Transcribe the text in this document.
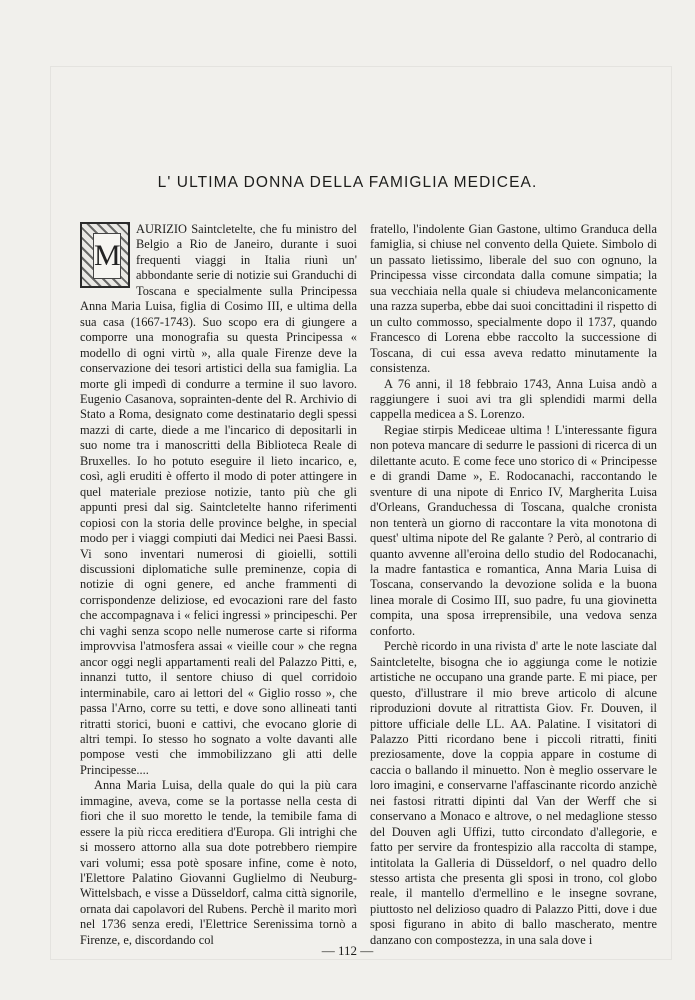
L' ULTIMA DONNA DELLA FAMIGLIA MEDICEA.
M

AURIZIO Saintcletelte, che fu ministro del Belgio a Rio de Janeiro, durante i suoi frequenti viaggi in Italia riunì un' abbondante serie di notizie sui Granduchi di Toscana e specialmente sulla Principessa Anna Maria Luisa, figlia di Cosimo III, e ultima della sua casa (1667-1743). Suo scopo era di giungere a comporre una monografia su questa Principessa « modello di ogni virtù », alla quale Firenze deve la conservazione dei tesori artistici della sua famiglia. La morte gli impedì di condurre a termine il suo lavoro. Eugenio Casanova, soprainten-dente del R. Archivio di Stato a Roma, designato come destinatario degli spessi mazzi di carte, diede a me l'incarico di depositarli in suo nome tra i manoscritti della Biblioteca Reale di Bruxelles. Io ho potuto eseguire il lieto incarico, e, così, agli eruditi è offerto il modo di poter attingere in quel materiale preziose notizie, tanto più che gli appunti presi dal sig. Saintcletelte hanno riferimenti copiosi con la storia delle province belghe, in special modo per i viaggi compiuti dai Medici nei Paesi Bassi. Vi sono inventari numerosi di gioielli, sottili discussioni diplomatiche sulle preminenze, copia di notizie di ogni genere, ed anche frammenti di corrispondenze deliziose, ed evocazioni rare del fasto che accompagnava i « felici ingressi » principeschi. Per chi vaghi senza scopo nelle numerose carte si riforma improvvisa l'atmosfera assai « vieille cour » che regna ancor oggi negli appartamenti reali del Palazzo Pitti, e, innanzi tutto, il sentore chiuso di quel corridoio interminabile, caro ai lettori del « Giglio rosso », che passa l'Arno, corre su tetti, e dove sono allineati tanti ritratti storici, buoni e cattivi, che evocano glorie di altri tempi. Io stesso ho sognato a volte davanti alle pompose vesti che immobilizzano gli atti delle Principesse....

Anna Maria Luisa, della quale do qui la più cara immagine, aveva, come se la portasse nella cesta di fiori che il suo moretto le tende, la temibile fama di essere la più ricca ereditiera d'Europa. Gli intrighi che si mossero attorno alla sua dote potrebbero riempire vari volumi; essa potè sposare infine, come è noto, l'Elettore Palatino Giovanni Guglielmo di Neuburg-Wittelsbach, e visse a Düsseldorf, calma città signorile, ornata dai capolavori del Rubens. Perchè il marito morì nel 1736 senza eredi, l'Elettrice Serenissima tornò a Firenze, e, discordando col

fratello, l'indolente Gian Gastone, ultimo Granduca della famiglia, si chiuse nel convento della Quiete. Simbolo di un passato lietissimo, liberale del suo con ognuno, la Principessa visse circondata dalla comune simpatia; la sua vecchiaia nella quale si chiudeva melanconicamente una razza superba, ebbe dai suoi concittadini il rispetto di un culto commosso, specialmente dopo il 1737, quando Francesco di Lorena ebbe raccolto la successione di Toscana, di cui essa aveva redatto minutamente la consistenza.

A 76 anni, il 18 febbraio 1743, Anna Luisa andò a raggiungere i suoi avi tra gli splendidi marmi della cappella medicea a S. Lorenzo.

Regiae stirpis Mediceae ultima ! L'interessante figura non poteva mancare di sedurre le passioni di ricerca di un dilettante acuto. E come fece uno storico di « Principesse e di grandi Dame », E. Rodocanachi, raccontando le sventure di una nipote di Enrico IV, Margherita Luisa d'Orleans, Granduchessa di Toscana, qualche cronista non tenterà un giorno di raccontare la vita monotona di quest' ultima nipote del Re galante ? Però, al contrario di quanto avvenne all'eroina dello studio del Rodocanachi, la madre fantastica e romantica, Anna Maria Luisa di Toscana, conservando la devozione solida e la buona linea morale di Cosimo III, suo padre, fu una giovinetta compita, una sposa irreprensibile, una vedova senza conforto.

Perchè ricordo in una rivista d' arte le note lasciate dal Saintcletelte, bisogna che io aggiunga come le notizie artistiche ne occupano una grande parte. E mi piace, per questo, d'illustrare il mio breve articolo di alcune riproduzioni dovute al ritrattista Giov. Fr. Douven, il pittore ufficiale delle LL. AA. Palatine. I visitatori di Palazzo Pitti ricordano bene i piccoli ritratti, finiti preziosamente, dove la coppia appare in costume di caccia o ballando il minuetto. Non è meglio osservare le loro imagini, e conservarne l'affascinante ricordo anzichè nei fastosi ritratti dipinti dal Van der Werff che si conservano a Monaco e altrove, o nel medaglione stesso del Douven agli Uffizi, tutto circondato d'allegorie, e fatto per servire da frontespizio alla raccolta di stampe, intitolata la Galleria di Düsseldorf, o nel quadro dello stesso artista che presenta gli sposi in trono, col globo reale, il mantello d'ermellino e le insegne sovrane, piuttosto nel delizioso quadro di Palazzo Pitti, dove i due sposi figurano in abito di ballo mascherato, mentre danzano con compostezza, in una sala dove i

— 112 —
